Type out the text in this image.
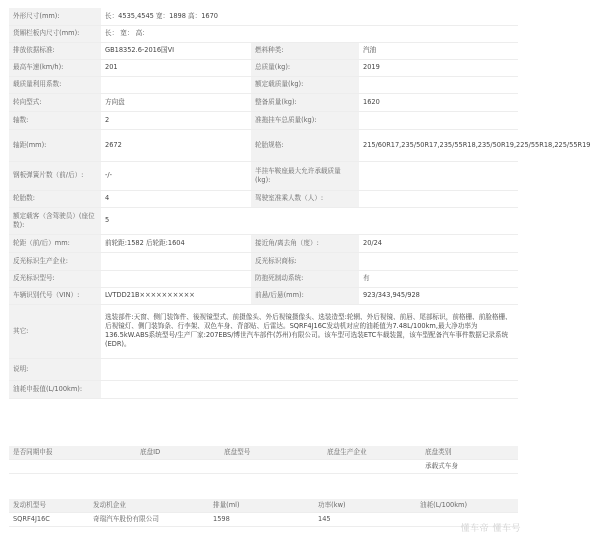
外形尺寸(mm):	长：4535,4545 宽：1898 高：1670		
货厢栏板内尺寸(mm):	长： 宽： 高：		
排放依据标准:	GB18352.6-2016国VI	燃料种类:	汽油
最高车速(km/h):	201	总质量(kg):	2019
载质量利用系数:		额定载质量(kg):	
转向型式:	方向盘	整备质量(kg):	1620
轴数:	2	准拖挂车总质量(kg):	
轴距(mm):	2672	轮胎规格:	215/60R17,235/50R17,235/55R18,235/50R19,225/55R18,225/55R19
钢板弹簧片数（前/后）:	-/-	半挂车鞍座最大允许承载质量(kg):	
轮胎数:	4	驾驶室准乘人数（人）:	
额定载客（含驾驶员）(座位数):	5		
轮距（前/后）mm:	前轮距:1582 后轮距:1604	接近角/离去角（度）:	20/24
反光标识生产企业:		反光标识商标:	
反光标识型号:		防抱死制动系统:	有
车辆识别代号（VIN）:	LVTDD21B××××××××××	前悬/后悬(mm):	923/343,945/928
其它:	选装部件:天窗、侧门装饰件、後视镜型式、前摄像头、外后视镜摄像头、选装造型:轮辋、外后视镜、前唇、尾部标识，前格栅、前脸格栅、后视镜灯、侧门装饰条、行李架、双色车身、背部贴、后雷达。SQRF4J16C发动机对应的油耗值为7.48L/100km,最大净功率为136.5kW.ABS系统型号/生产厂家:207EBS/博世汽车部件(苏州)有限公司。该车型可选装ETC车载装置，该车型配备汽车事件数据记录系统(EDR)。		
说明:			
油耗申报值(L/100km):			
是否同期申报	底盘ID	底盘型号	底盘生产企业	底盘类别
				承载式车身
发动机型号	发动机企业	排量(ml)	功率(kw)	油耗(L/100km)
SQRF4J16C	奇瑞汽车股份有限公司	1598	145	
懂车帝 懂车号
